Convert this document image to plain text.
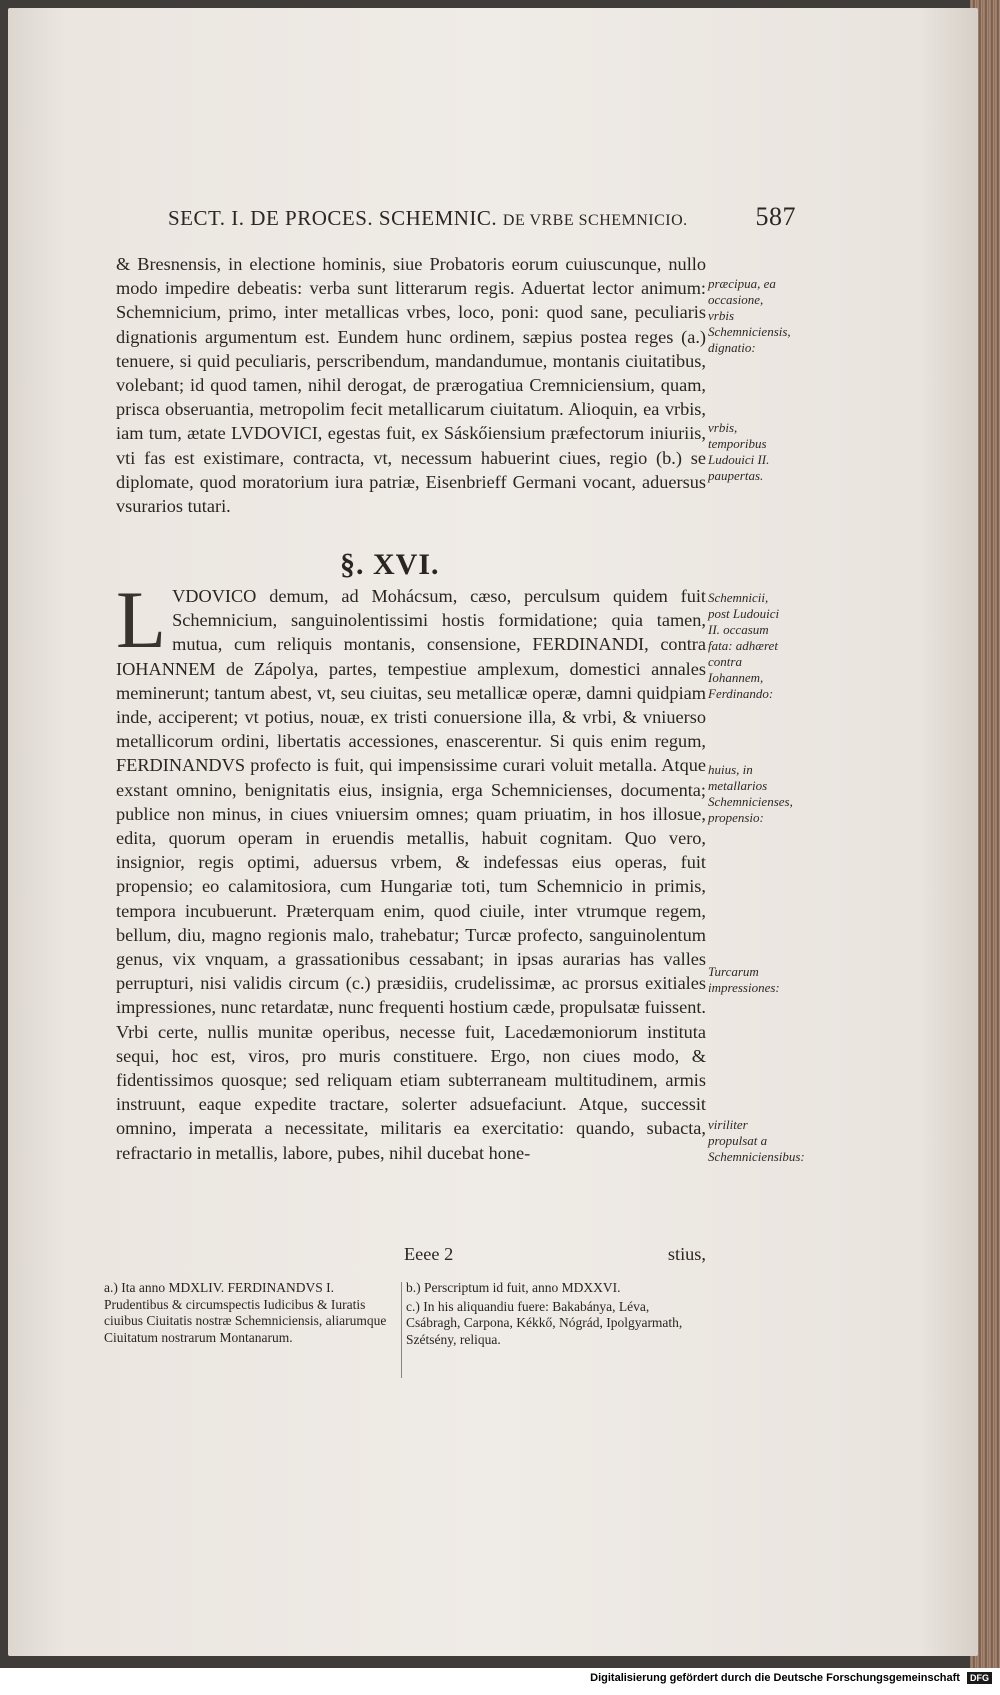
SECT. I. DE PROCES. SCHEMNIC. DE VRBE SCHEMNICIO.	587

& Bresnensis, in electione hominis, siue Probatoris eorum cuiuscunque, nullo modo impedire debeatis: verba sunt litterarum regis. Aduertat lector animum: Schemnicium, primo, inter metallicas vrbes, loco, poni: quod sane, peculiaris dignationis argumentum est. Eundem hunc ordinem, sæpius postea reges (a.) tenuere, si quid peculiaris, perscribendum, mandandumue, montanis ciuitatibus, volebant; id quod tamen, nihil derogat, de prærogatiua Cremniciensium, quam, prisca obseruantia, metropolim fecit metallicarum ciuitatum. Alioquin, ea vrbis, iam tum, ætate LVDOVICI, egestas fuit, ex Sáskőiensium præfectorum iniuriis, vti fas est existimare, contracta, vt, necessum habuerint ciues, regio (b.) se diplomate, quod moratorium iura patriæ, Eisenbrieff Germani vocant, aduersus vsurarios tutari.

§. XVI.
L VDOVICO demum, ad Mohácsum, cæso, perculsum quidem fuit Schemnicium, sanguinolentissimi hostis formidatione; quia tamen, mutua, cum reliquis montanis, consensione, FERDINANDI, contra IOHANNEM de Zápolya, partes, tempestiue amplexum, domestici annales meminerunt; tantum abest, vt, seu ciuitas, seu metallicæ operæ, damni quidpiam inde, acciperent; vt potius, nouæ, ex tristi conuersione illa, & vrbi, & vniuerso metallicorum ordini, libertatis accessiones, enascerentur. Si quis enim regum, FERDINANDVS profecto is fuit, qui impensissime curari voluit metalla. Atque exstant omnino, benignitatis eius, insignia, erga Schemnicienses, documenta; publice non minus, in ciues vniuersim omnes; quam priuatim, in hos illosue, edita, quorum operam in eruendis metallis, habuit cognitam. Quo vero, insignior, regis optimi, aduersus vrbem, & indefessas eius operas, fuit propensio; eo calamitosiora, cum Hungariæ toti, tum Schemnicio in primis, tempora incubuerunt. Præterquam enim, quod ciuile, inter vtrumque regem, bellum, diu, magno regionis malo, trahebatur; Turcæ profecto, sanguinolentum genus, vix vnquam, a grassationibus cessabant; in ipsas aurarias has valles perrupturi, nisi validis circum (c.) præsidiis, crudelissimæ, ac prorsus exitiales impressiones, nunc retardatæ, nunc frequenti hostium cæde, propulsatæ fuissent. Vrbi certe, nullis munitæ operibus, necesse fuit, Lacedæmoniorum instituta sequi, hoc est, viros, pro muris constituere. Ergo, non ciues modo, & fidentissimos quosque; sed reliquam etiam subterraneam multitudinem, armis instruunt, eaque expedite tractare, solerter adsuefaciunt. Atque, successit omnino, imperata a necessitate, militaris ea exercitatio: quando, subacta, refractario in metallis, labore, pubes, nihil ducebat hone-
Eeee 2	stius,
præcipua, ea occasione, vrbis Schemniciensis, dignatio:
vrbis, temporibus Ludouici II. paupertas.
Schemnicii, post Ludouici II. occasum fata: adhæret contra Iohannem, Ferdinando:
huius, in metallarios Schemnicienses, propensio:
Turcarum impressiones:
viriliter propulsat a Schemniciensibus:

a.) Ita anno MDXLIV. FERDINANDVS I. Prudentibus & circumspectis Iudicibus & Iuratis ciuibus Ciuitatis nostræ Schemniciensis, aliarumque Ciuitatum nostrarum Montanarum.

b.) Perscriptum id fuit, anno MDXXVI.

c.) In his aliquandiu fuere: Bakabánya, Léva, Csábragh, Carpona, Kékkő, Nógrád, Ipolgyarmath, Szétsény, reliqua.

Digitalisierung gefördert durch die Deutsche Forschungsgemeinschaft DFG
